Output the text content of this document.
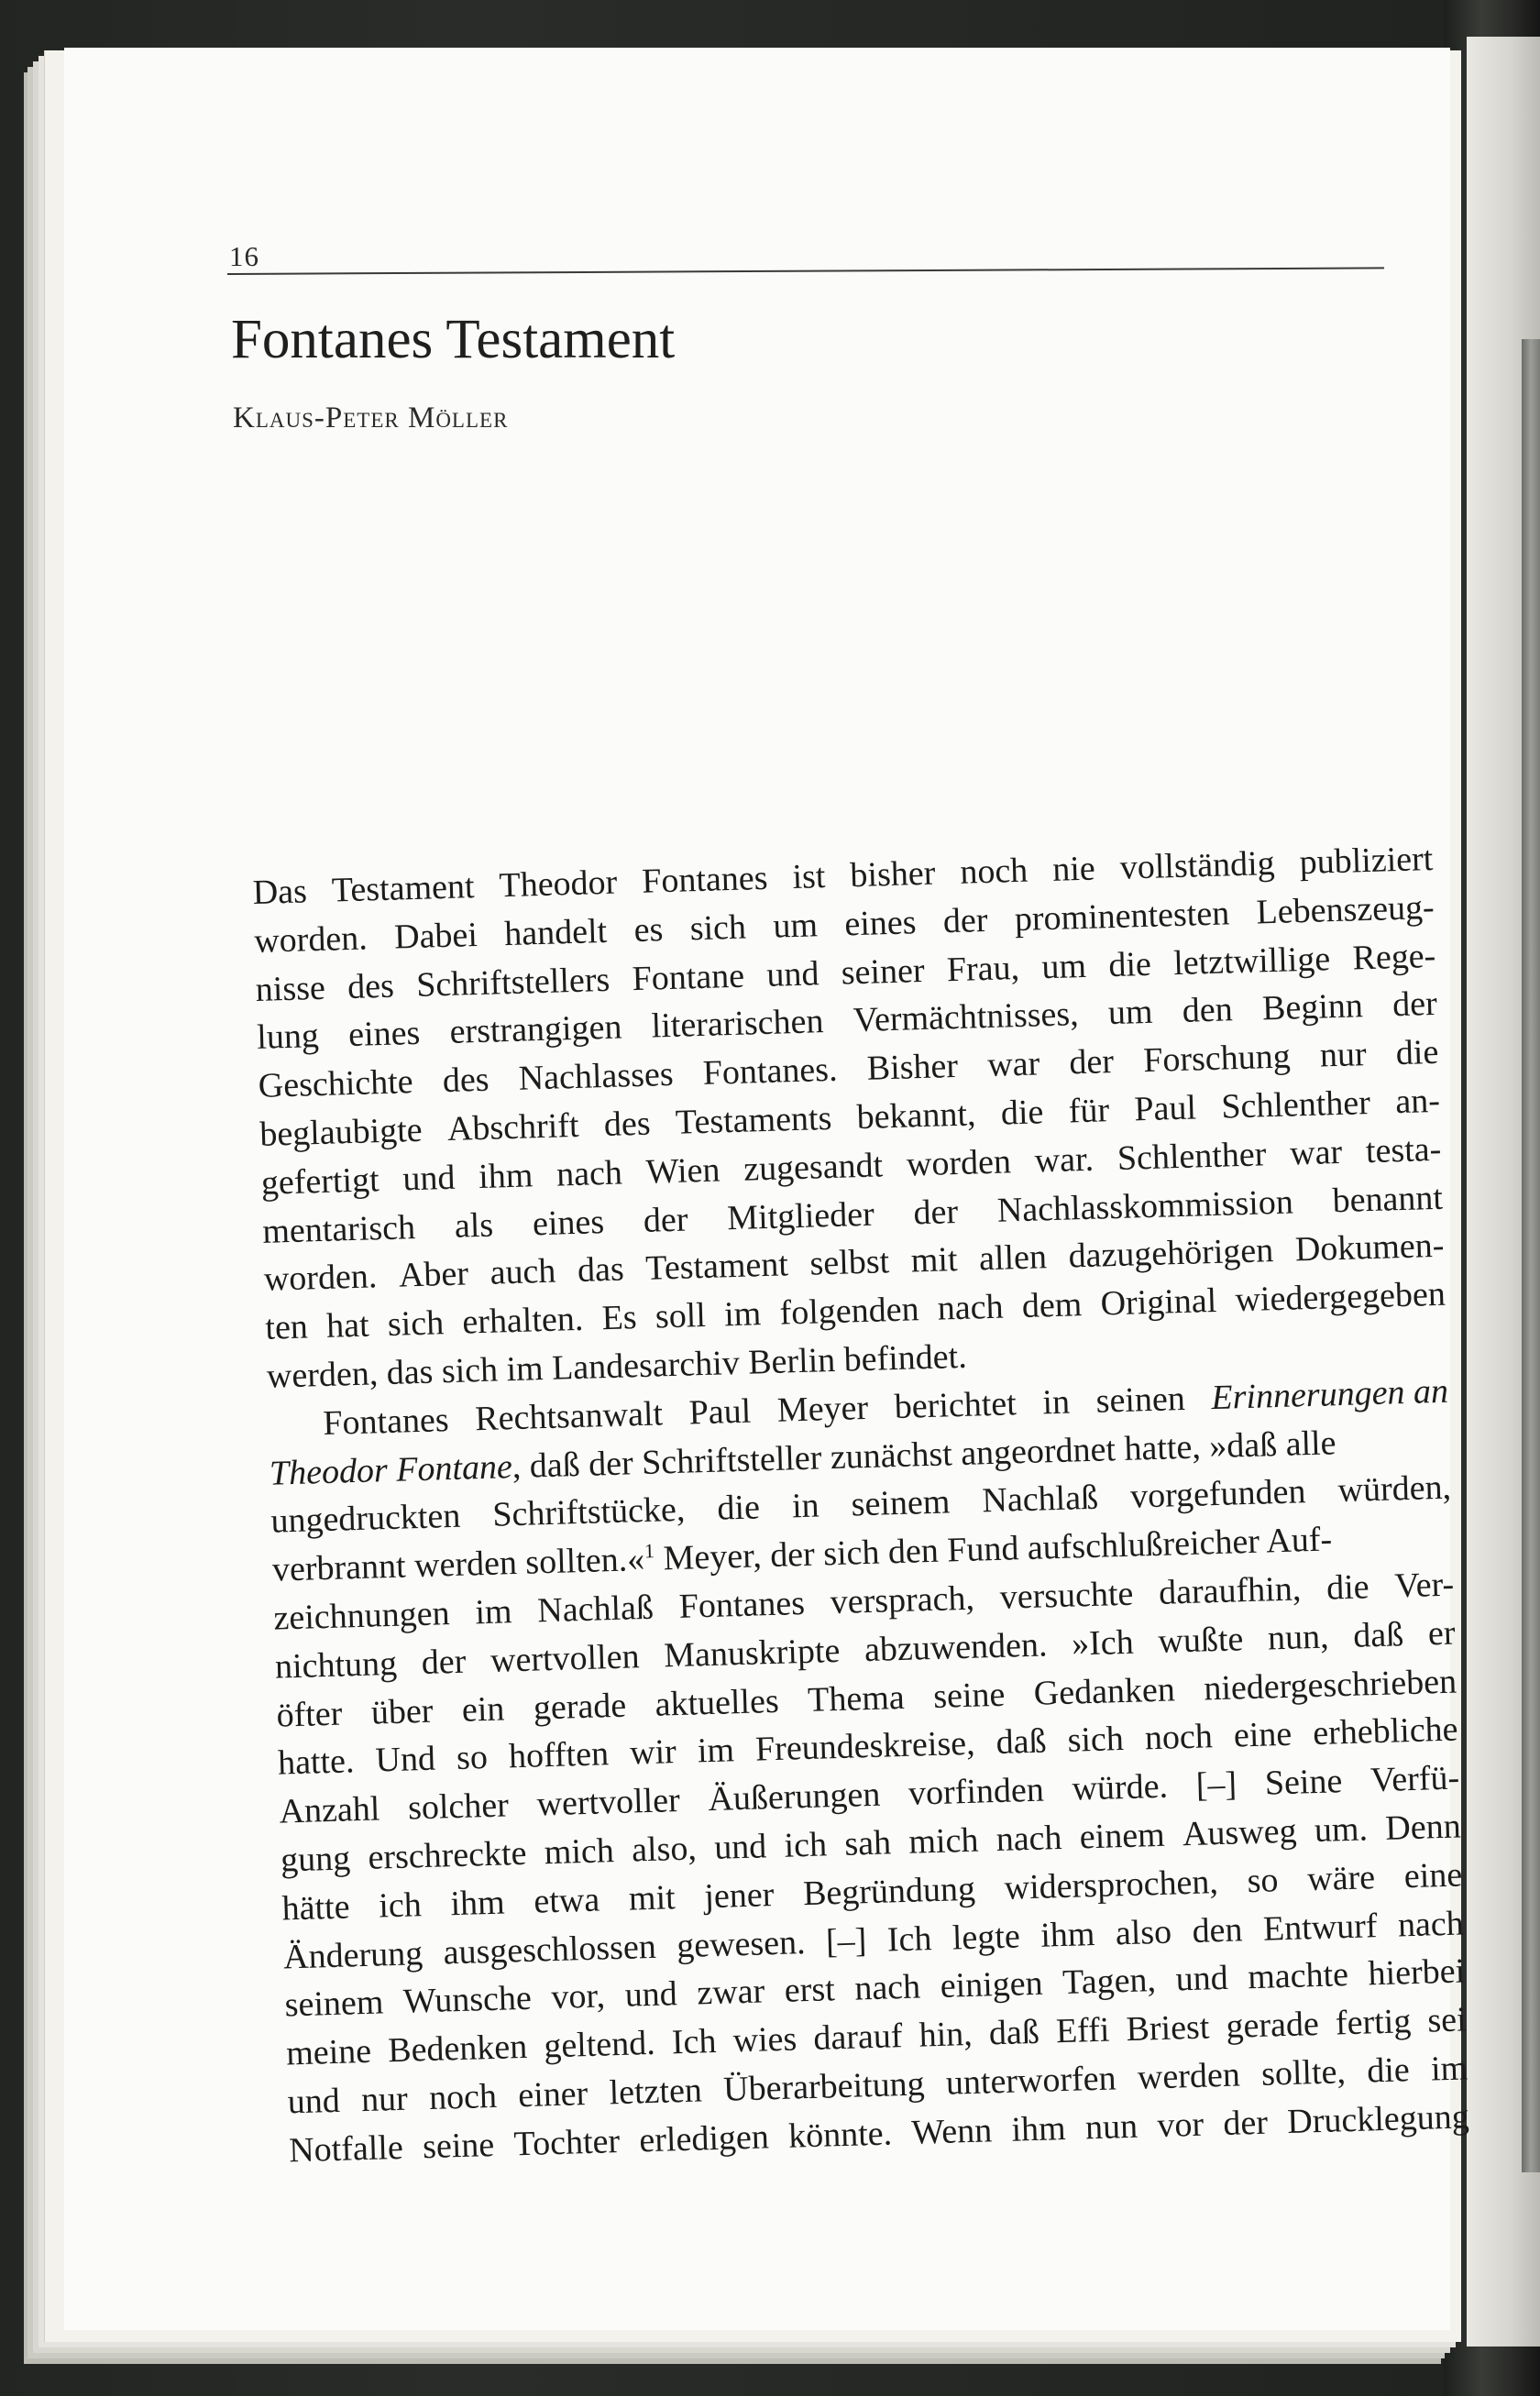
16
Fontanes Testament
Klaus-Peter Möller
Das Testament Theodor Fontanes ist bisher noch nie vollständig publiziert
worden. Dabei handelt es sich um eines der prominentesten Lebenszeug-
nisse des Schriftstellers Fontane und seiner Frau, um die letztwillige Rege-
lung eines erstrangigen literarischen Vermächtnisses, um den Beginn der
Geschichte des Nachlasses Fontanes. Bisher war der Forschung nur die
beglaubigte Abschrift des Testaments bekannt, die für Paul Schlenther an-
gefertigt und ihm nach Wien zugesandt worden war. Schlenther war testa-
mentarisch als eines der Mitglieder der Nachlasskommission benannt
worden. Aber auch das Testament selbst mit allen dazugehörigen Dokumen-
ten hat sich erhalten. Es soll im folgenden nach dem Original wiedergegeben
werden, das sich im Landesarchiv Berlin befindet.
Fontanes Rechtsanwalt Paul Meyer berichtet in seinen Erinnerungen an
Theodor Fontane, daß der Schriftsteller zunächst angeordnet hatte, »daß alle
ungedruckten Schriftstücke, die in seinem Nachlaß vorgefunden würden,
verbrannt werden sollten.«$^1$ Meyer, der sich den Fund aufschlußreicher Auf-
zeichnungen im Nachlaß Fontanes versprach, versuchte daraufhin, die Ver-
nichtung der wertvollen Manuskripte abzuwenden. »Ich wußte nun, daß er
öfter über ein gerade aktuelles Thema seine Gedanken niedergeschrieben
hatte. Und so hofften wir im Freundeskreise, daß sich noch eine erhebliche
Anzahl solcher wertvoller Äußerungen vorfinden würde. [–] Seine Verfü-
gung erschreckte mich also, und ich sah mich nach einem Ausweg um. Denn
hätte ich ihm etwa mit jener Begründung widersprochen, so wäre eine
Änderung ausgeschlossen gewesen. [–] Ich legte ihm also den Entwurf nach
seinem Wunsche vor, und zwar erst nach einigen Tagen, und machte hierbei
meine Bedenken geltend. Ich wies darauf hin, daß Effi Briest gerade fertig sei
und nur noch einer letzten Überarbeitung unterworfen werden sollte, die im
Notfalle seine Tochter erledigen könnte. Wenn ihm nun vor der Drucklegung
